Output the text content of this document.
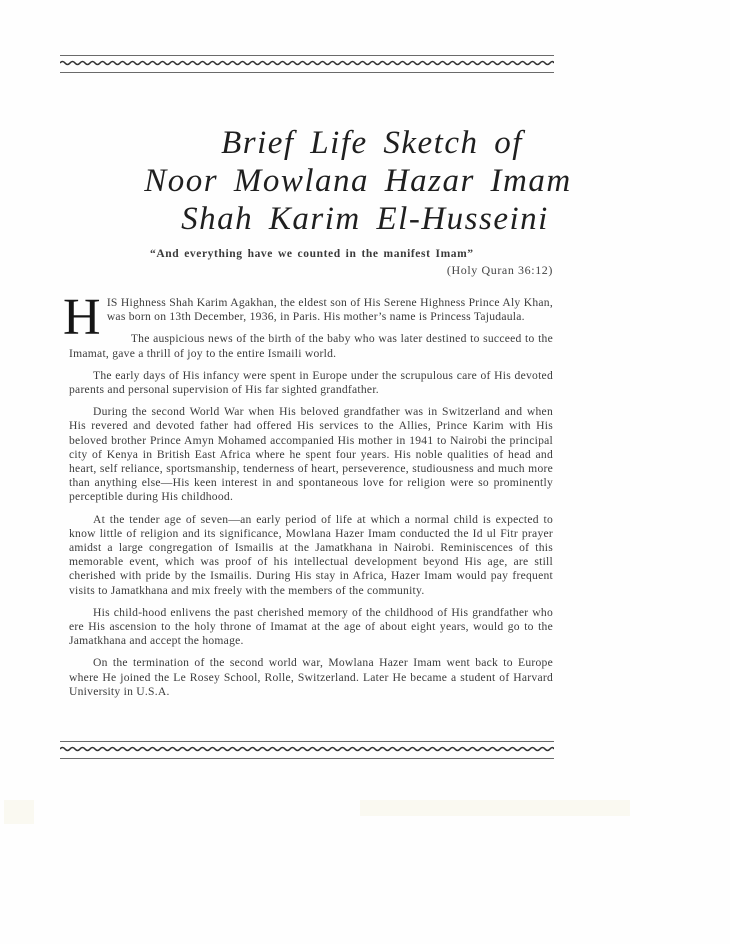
Brief Life Sketch of
Noor Mowlana Hazar Imam
Shah Karim El-Husseini
“And everything have we counted in the manifest Imam”
(Holy Quran 36:12)

H IS Highness Shah Karim Agakhan, the eldest son of His Serene Highness Prince Aly Khan, was born on 13th December, 1936, in Paris. His mother’s name is Princess Tajudaula.

The auspicious news of the birth of the baby who was later destined to succeed to the Imamat, gave a thrill of joy to the entire Ismaili world.

The early days of His infancy were spent in Europe under the scrupulous care of His devoted parents and personal supervision of His far sighted grandfather.

During the second World War when His beloved grandfather was in Switzerland and when His revered and devoted father had offered His services to the Allies, Prince Karim with His beloved brother Prince Amyn Mohamed accompanied His mother in 1941 to Nairobi the principal city of Kenya in British East Africa where he spent four years. His noble qualities of head and heart, self reliance, sportsmanship, tenderness of heart, perseverence, studiousness and much more than anything else—His keen interest in and spontaneous love for religion were so prominently perceptible during His childhood.

At the tender age of seven—an early period of life at which a normal child is expected to know little of religion and its significance, Mowlana Hazer Imam conducted the Id ul Fitr prayer amidst a large congregation of Ismailis at the Jamatkhana in Nairobi. Reminiscences of this memorable event, which was proof of his intellectual development beyond His age, are still cherished with pride by the Ismailis. During His stay in Africa, Hazer Imam would pay frequent visits to Jamatkhana and mix freely with the members of the community.

His child-hood enlivens the past cherished memory of the childhood of His grandfather who ere His ascension to the holy throne of Imamat at the age of about eight years, would go to the Jamatkhana and accept the homage.

On the termination of the second world war, Mowlana Hazer Imam went back to Europe where He joined the Le Rosey School, Rolle, Switzerland. Later He became a student of Harvard University in U.S.A.
